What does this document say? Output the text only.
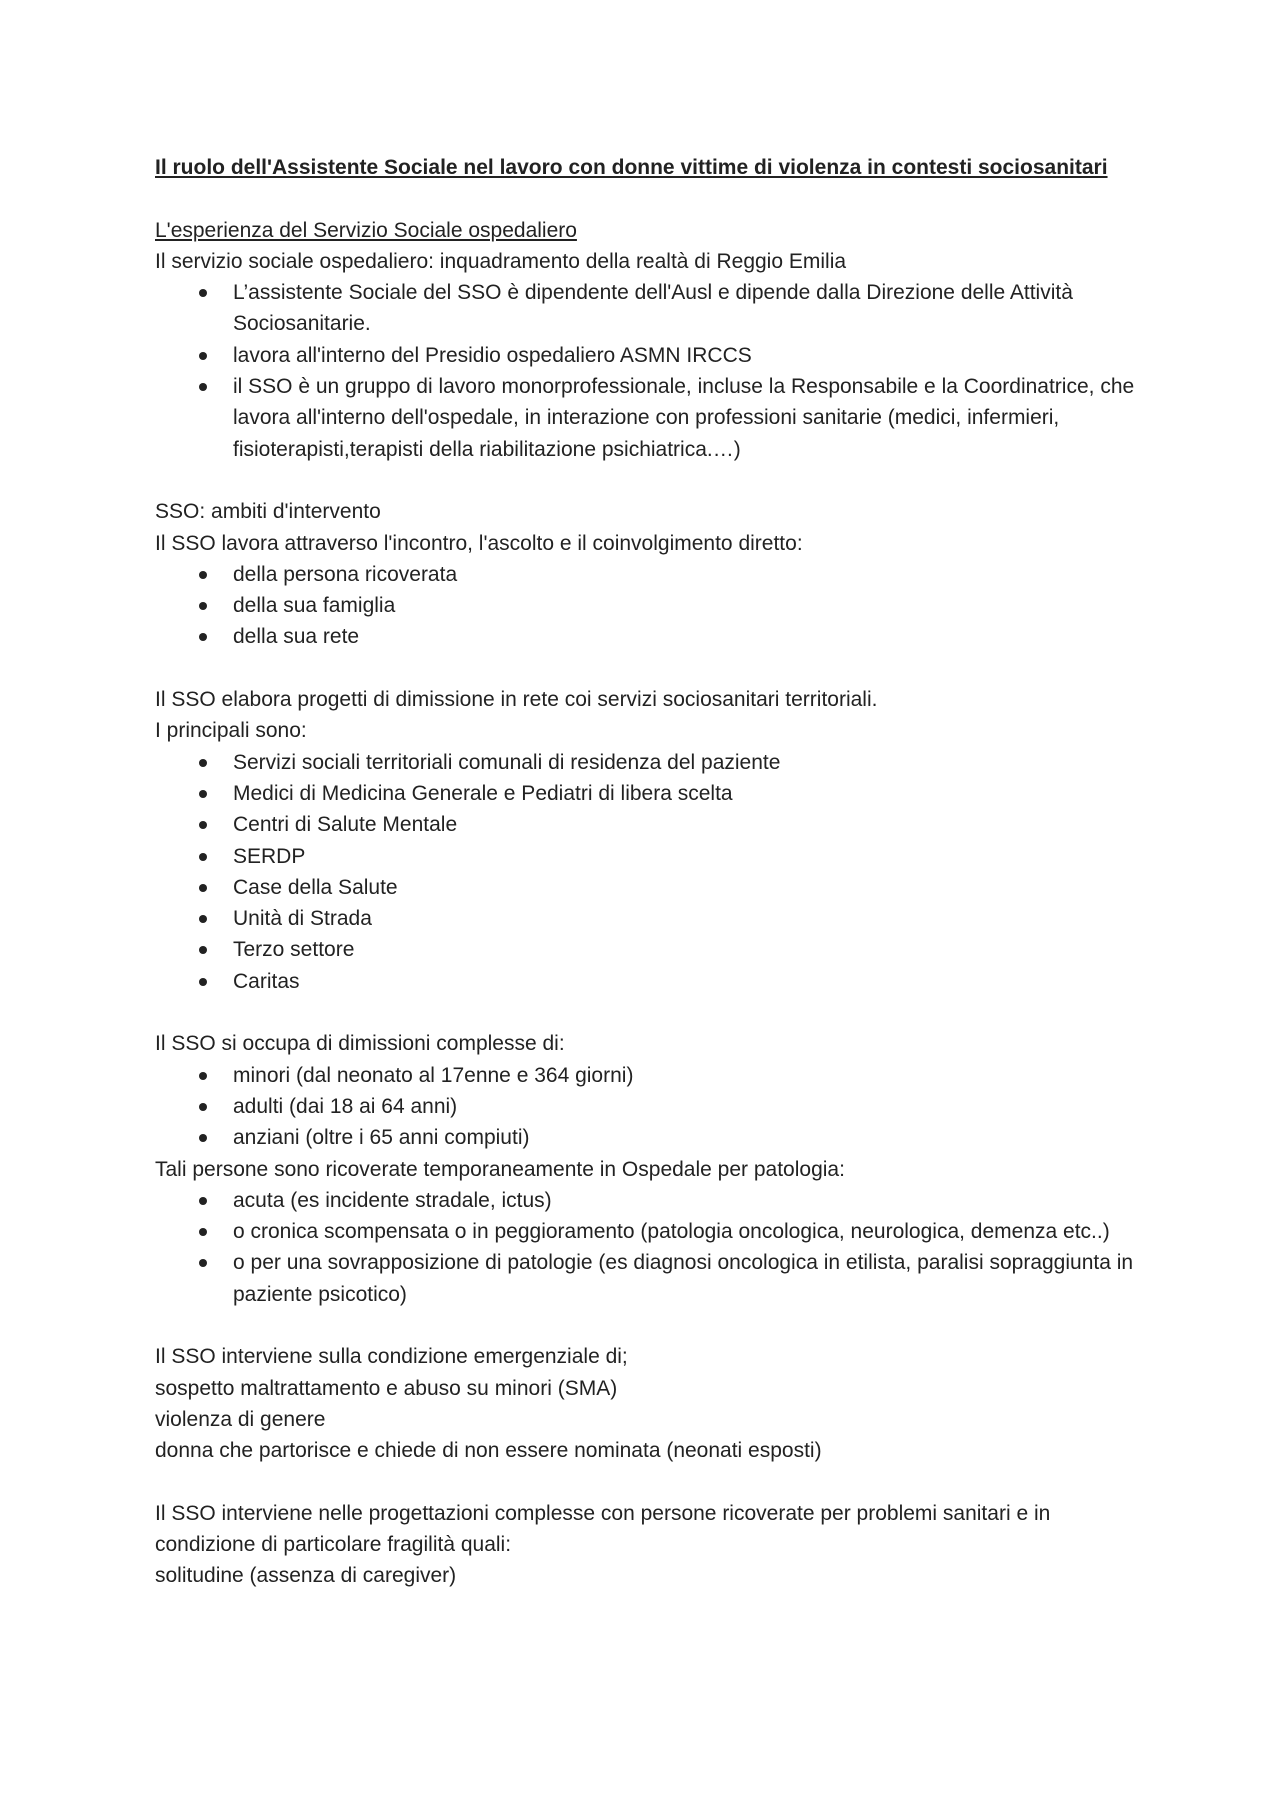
Il ruolo dell'Assistente Sociale nel lavoro con donne vittime di violenza in contesti sociosanitari

L'esperienza del Servizio Sociale ospedaliero

Il servizio sociale ospedaliero: inquadramento della realtà di Reggio Emilia

L’assistente Sociale del SSO è dipendente dell'Ausl e dipende dalla Direzione delle Attività Sociosanitarie.
lavora all'interno del Presidio ospedaliero ASMN IRCCS
il SSO è un gruppo di lavoro monorprofessionale, incluse la Responsabile e la Coordinatrice, che lavora all'interno dell'ospedale, in interazione con professioni sanitarie (medici, infermieri, fisioterapisti,terapisti della riabilitazione psichiatrica.…)

SSO: ambiti d'intervento

Il SSO lavora attraverso l'incontro, l'ascolto e il coinvolgimento diretto:

della persona ricoverata
della sua famiglia
della sua rete

Il SSO elabora progetti di dimissione in rete coi servizi sociosanitari territoriali.

I principali sono:

Servizi sociali territoriali comunali di residenza del paziente
Medici di Medicina Generale e Pediatri di libera scelta
Centri di Salute Mentale
SERDP
Case della Salute
Unità di Strada
Terzo settore
Caritas

Il SSO si occupa di dimissioni complesse di:

minori (dal neonato al 17enne e 364 giorni)
adulti (dai 18 ai 64 anni)
anziani (oltre i 65 anni compiuti)

Tali persone sono ricoverate temporaneamente in Ospedale per patologia:

acuta (es incidente stradale, ictus)
o cronica scompensata o in peggioramento (patologia oncologica, neurologica, demenza etc..)
o per una sovrapposizione di patologie (es diagnosi oncologica in etilista, paralisi sopraggiunta in paziente psicotico)

Il SSO interviene sulla condizione emergenziale di;

sospetto maltrattamento e abuso su minori (SMA)

violenza di genere

donna che partorisce e chiede di non essere nominata (neonati esposti)

Il SSO interviene nelle progettazioni complesse con persone ricoverate per problemi sanitari e in condizione di particolare fragilità quali:

solitudine (assenza di caregiver)
